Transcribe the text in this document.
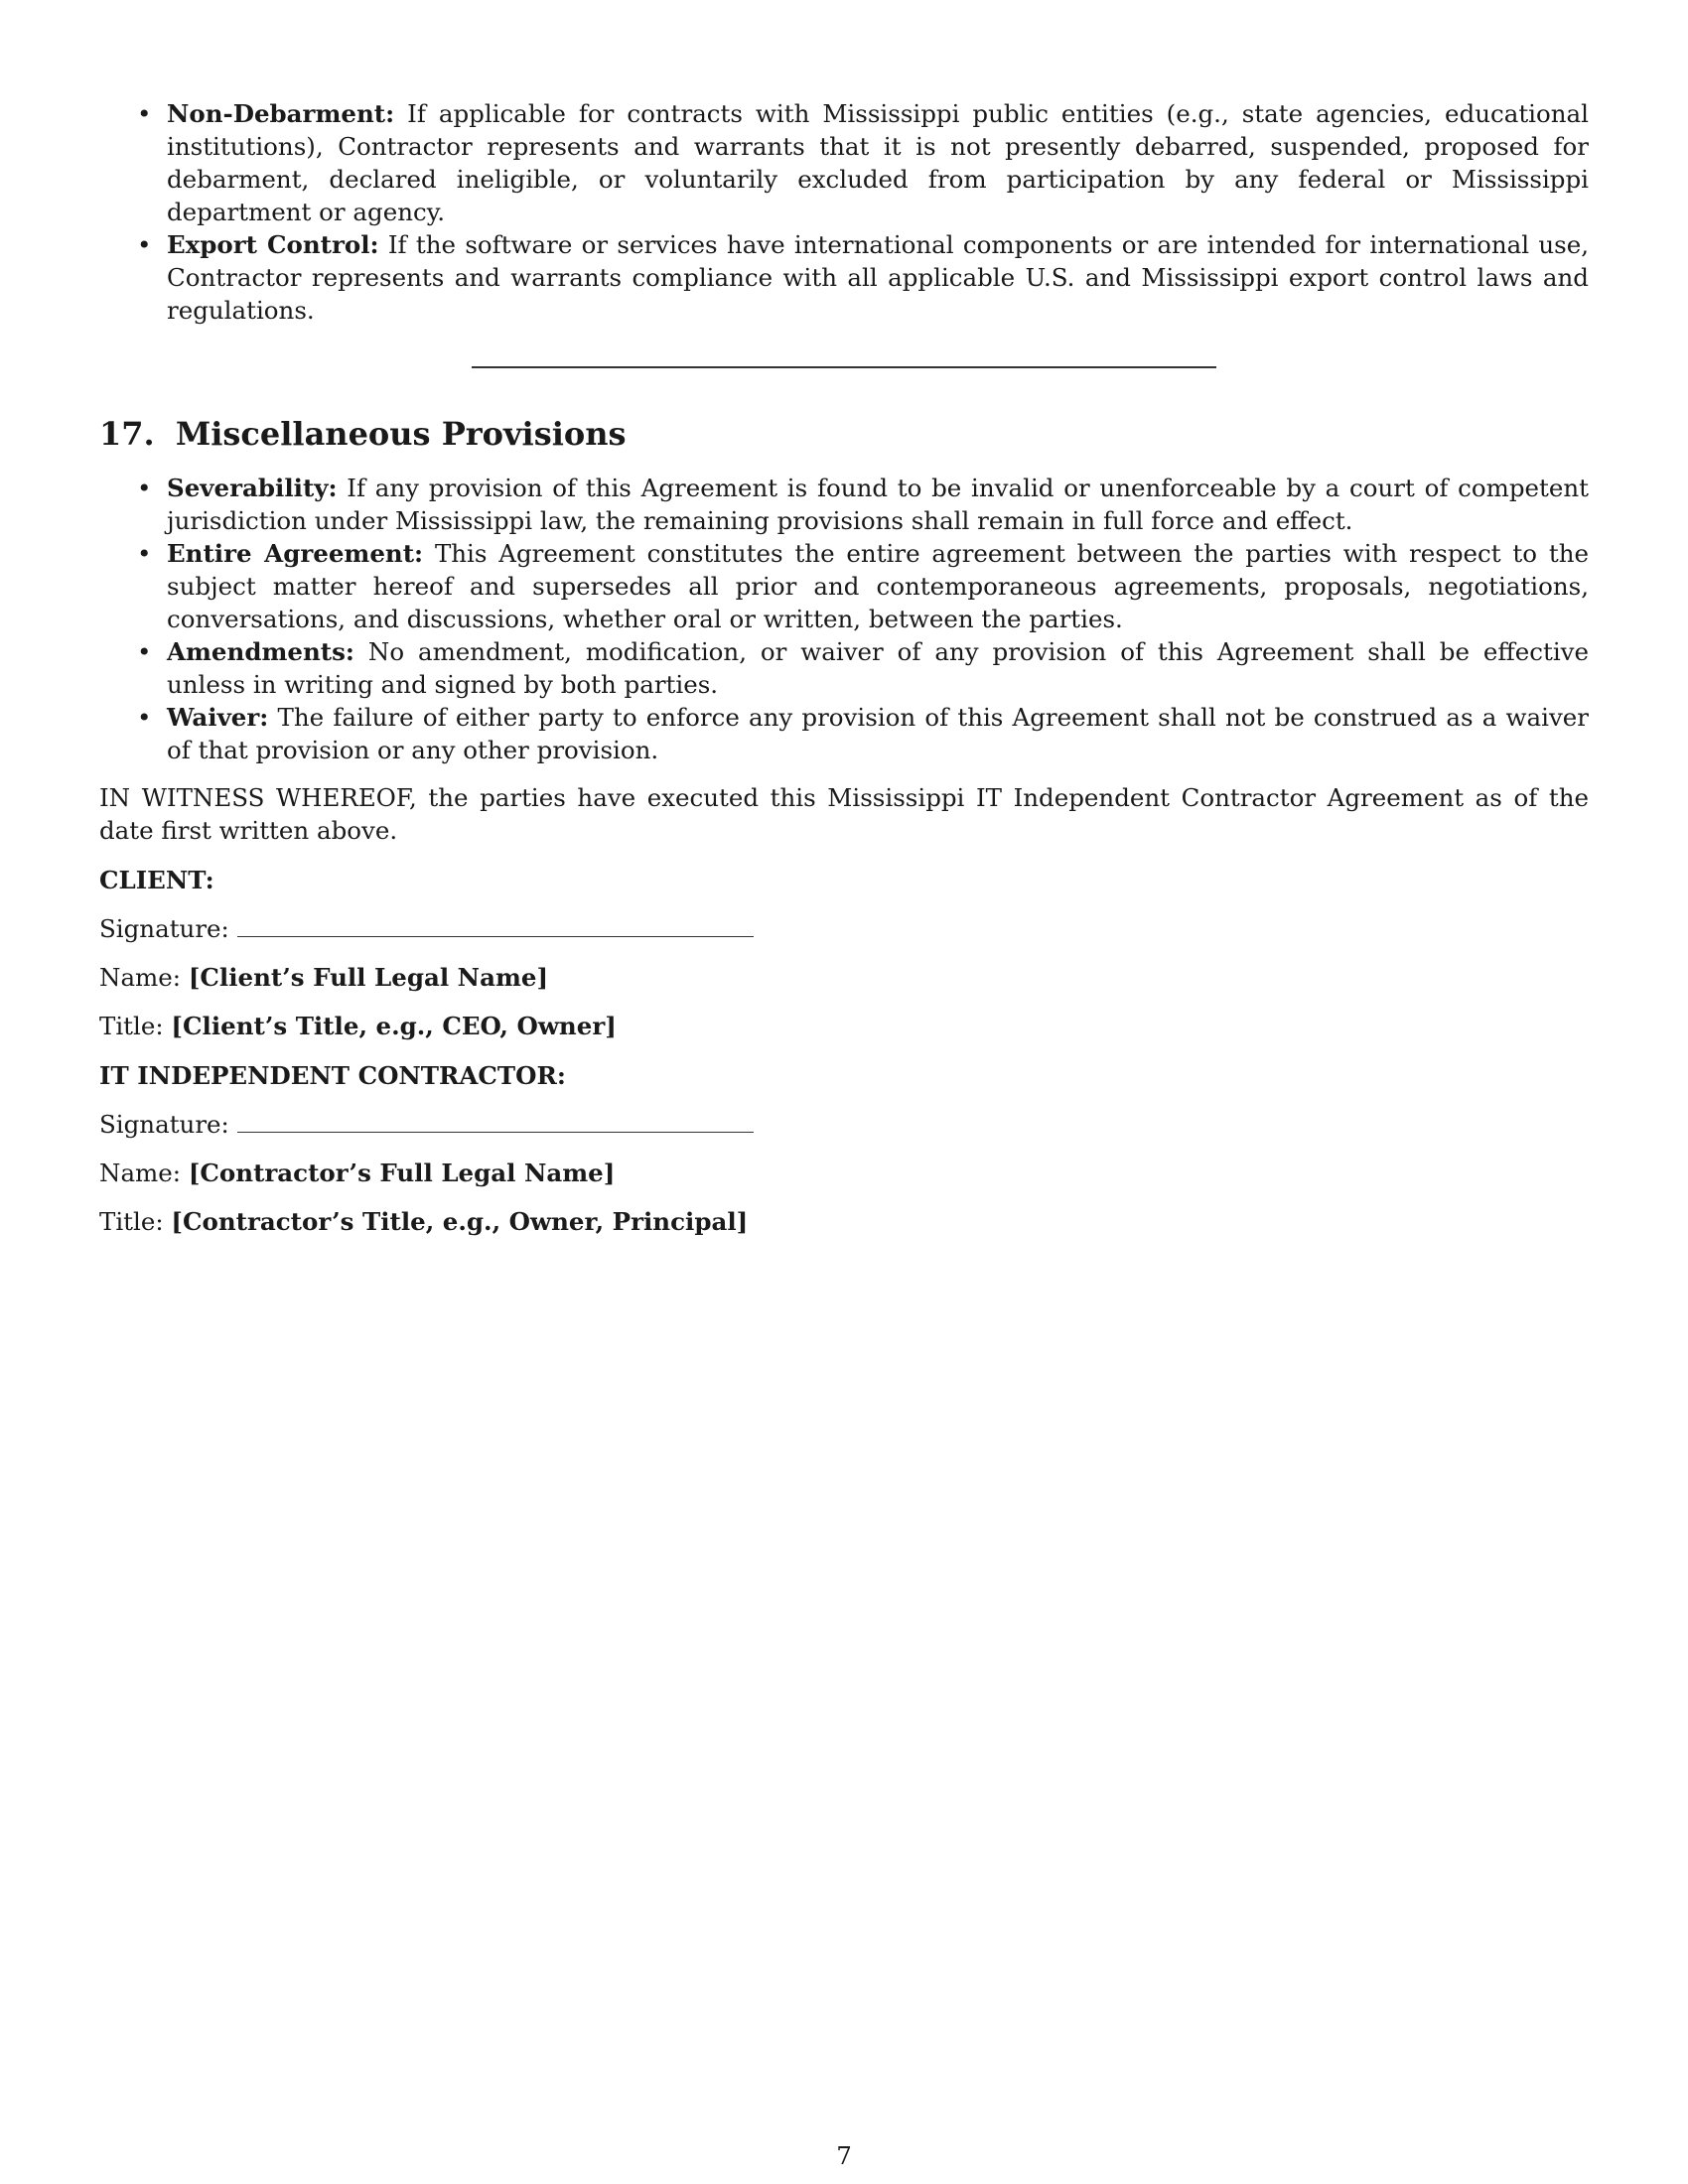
• Non-Debarment: If applicable for contracts with Mississippi public entities (e.g., state agencies, educational institutions), Contractor represents and warrants that it is not presently debarred, suspended, proposed for debarment, declared ineligible, or voluntarily excluded from participation by any federal or Mississippi department or agency.
• Export Control: If the software or services have international components or are intended for international use, Contractor represents and warrants compliance with all applicable U.S. and Mississippi export control laws and regulations.
17. Miscellaneous Provisions
• Severability: If any provision of this Agreement is found to be invalid or unenforceable by a court of competent jurisdiction under Mississippi law, the remaining provisions shall remain in full force and effect.
• Entire Agreement: This Agreement constitutes the entire agreement between the parties with respect to the subject matter hereof and supersedes all prior and contemporaneous agreements, proposals, negotiations, conversations, and discussions, whether oral or written, between the parties.
• Amendments: No amendment, modification, or waiver of any provision of this Agreement shall be effective unless in writing and signed by both parties.
• Waiver: The failure of either party to enforce any provision of this Agreement shall not be construed as a waiver of that provision or any other provision.

IN WITNESS WHEREOF, the parties have executed this Mississippi IT Independent Contractor Agreement as of the date first written above.

CLIENT:
Signature:
Name: [Client’s Full Legal Name]
Title: [Client’s Title, e.g., CEO, Owner]
IT INDEPENDENT CONTRACTOR:
Signature:
Name: [Contractor’s Full Legal Name]
Title: [Contractor’s Title, e.g., Owner, Principal]
7
